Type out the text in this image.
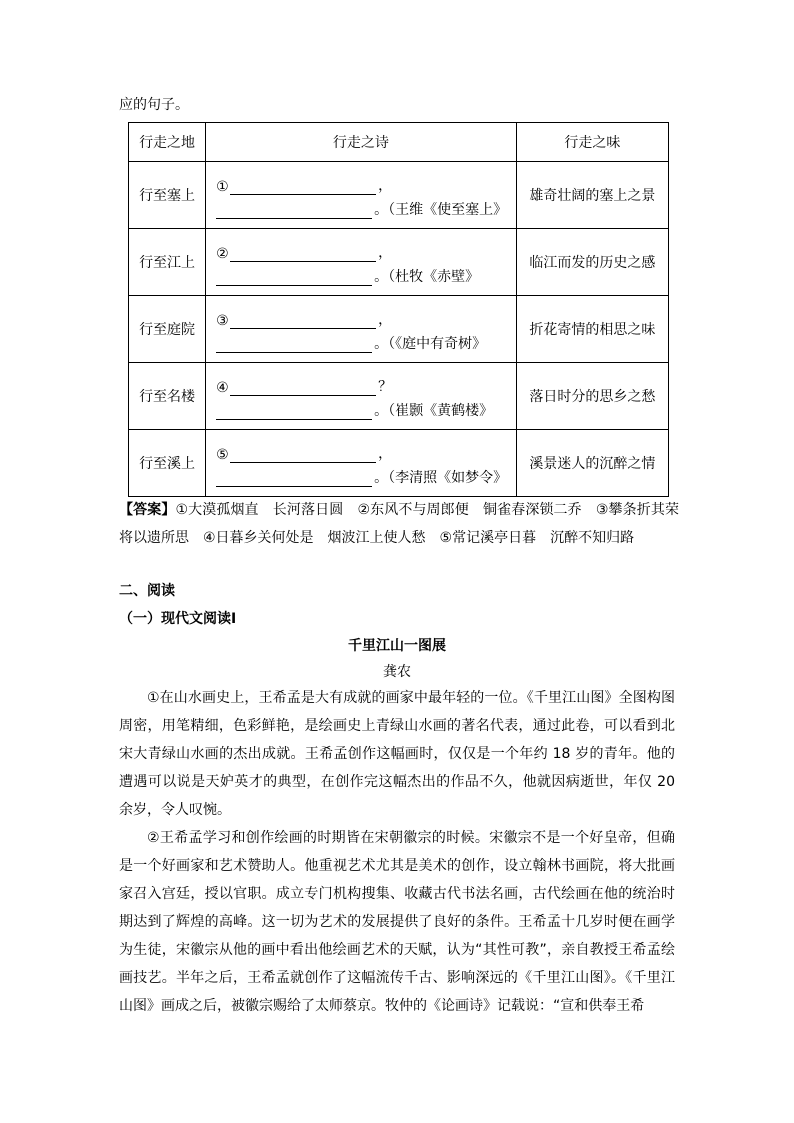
应的句子。
行走之地	行走之诗	行走之味
行至塞上	① ，
。（王维《使至塞上》	雄奇壮阔的塞上之景
行至江上	② ，
。（杜牧《赤壁》	临江而发的历史之感
行至庭院	③ ，
。（《庭中有奇树》	折花寄情的相思之味
行至名楼	④ ？
。（崔颢《黄鹤楼》	落日时分的思乡之愁
行至溪上	⑤ ，
。（李清照《如梦令》	溪景迷人的沉醉之情
【答案】①大漠孤烟直　长河落日圆　②东风不与周郎便　铜雀春深锁二乔　③攀条折其荣　将以遗所思　④日暮乡关何处是　烟波江上使人愁　⑤常记溪亭日暮　沉醉不知归路
二、阅读
（一）现代文阅读Ⅰ
千里江山一图展
龚农
①在山水画史上，王希孟是大有成就的画家中最年轻的一位。《千里江山图》全图构图周密，用笔精细，色彩鲜艳，是绘画史上青绿山水画的著名代表，通过此卷，可以看到北宋大青绿山水画的杰出成就。王希孟创作这幅画时，仅仅是一个年约 18 岁的青年。他的遭遇可以说是天妒英才的典型，在创作完这幅杰出的作品不久，他就因病逝世，年仅 20 余岁，令人叹惋。
②王希孟学习和创作绘画的时期皆在宋朝徽宗的时候。宋徽宗不是一个好皇帝，但确是一个好画家和艺术赞助人。他重视艺术尤其是美术的创作，设立翰林书画院，将大批画家召入宫廷，授以官职。成立专门机构搜集、收藏古代书法名画，古代绘画在他的统治时期达到了辉煌的高峰。这一切为艺术的发展提供了良好的条件。王希孟十几岁时便在画学为生徒，宋徽宗从他的画中看出他绘画艺术的天赋，认为“其性可教”，亲自教授王希孟绘画技艺。半年之后，王希孟就创作了这幅流传千古、影响深远的《千里江山图》。《千里江山图》画成之后，被徽宗赐给了太师蔡京。牧仲的《论画诗》记载说：“宣和供奉王希
